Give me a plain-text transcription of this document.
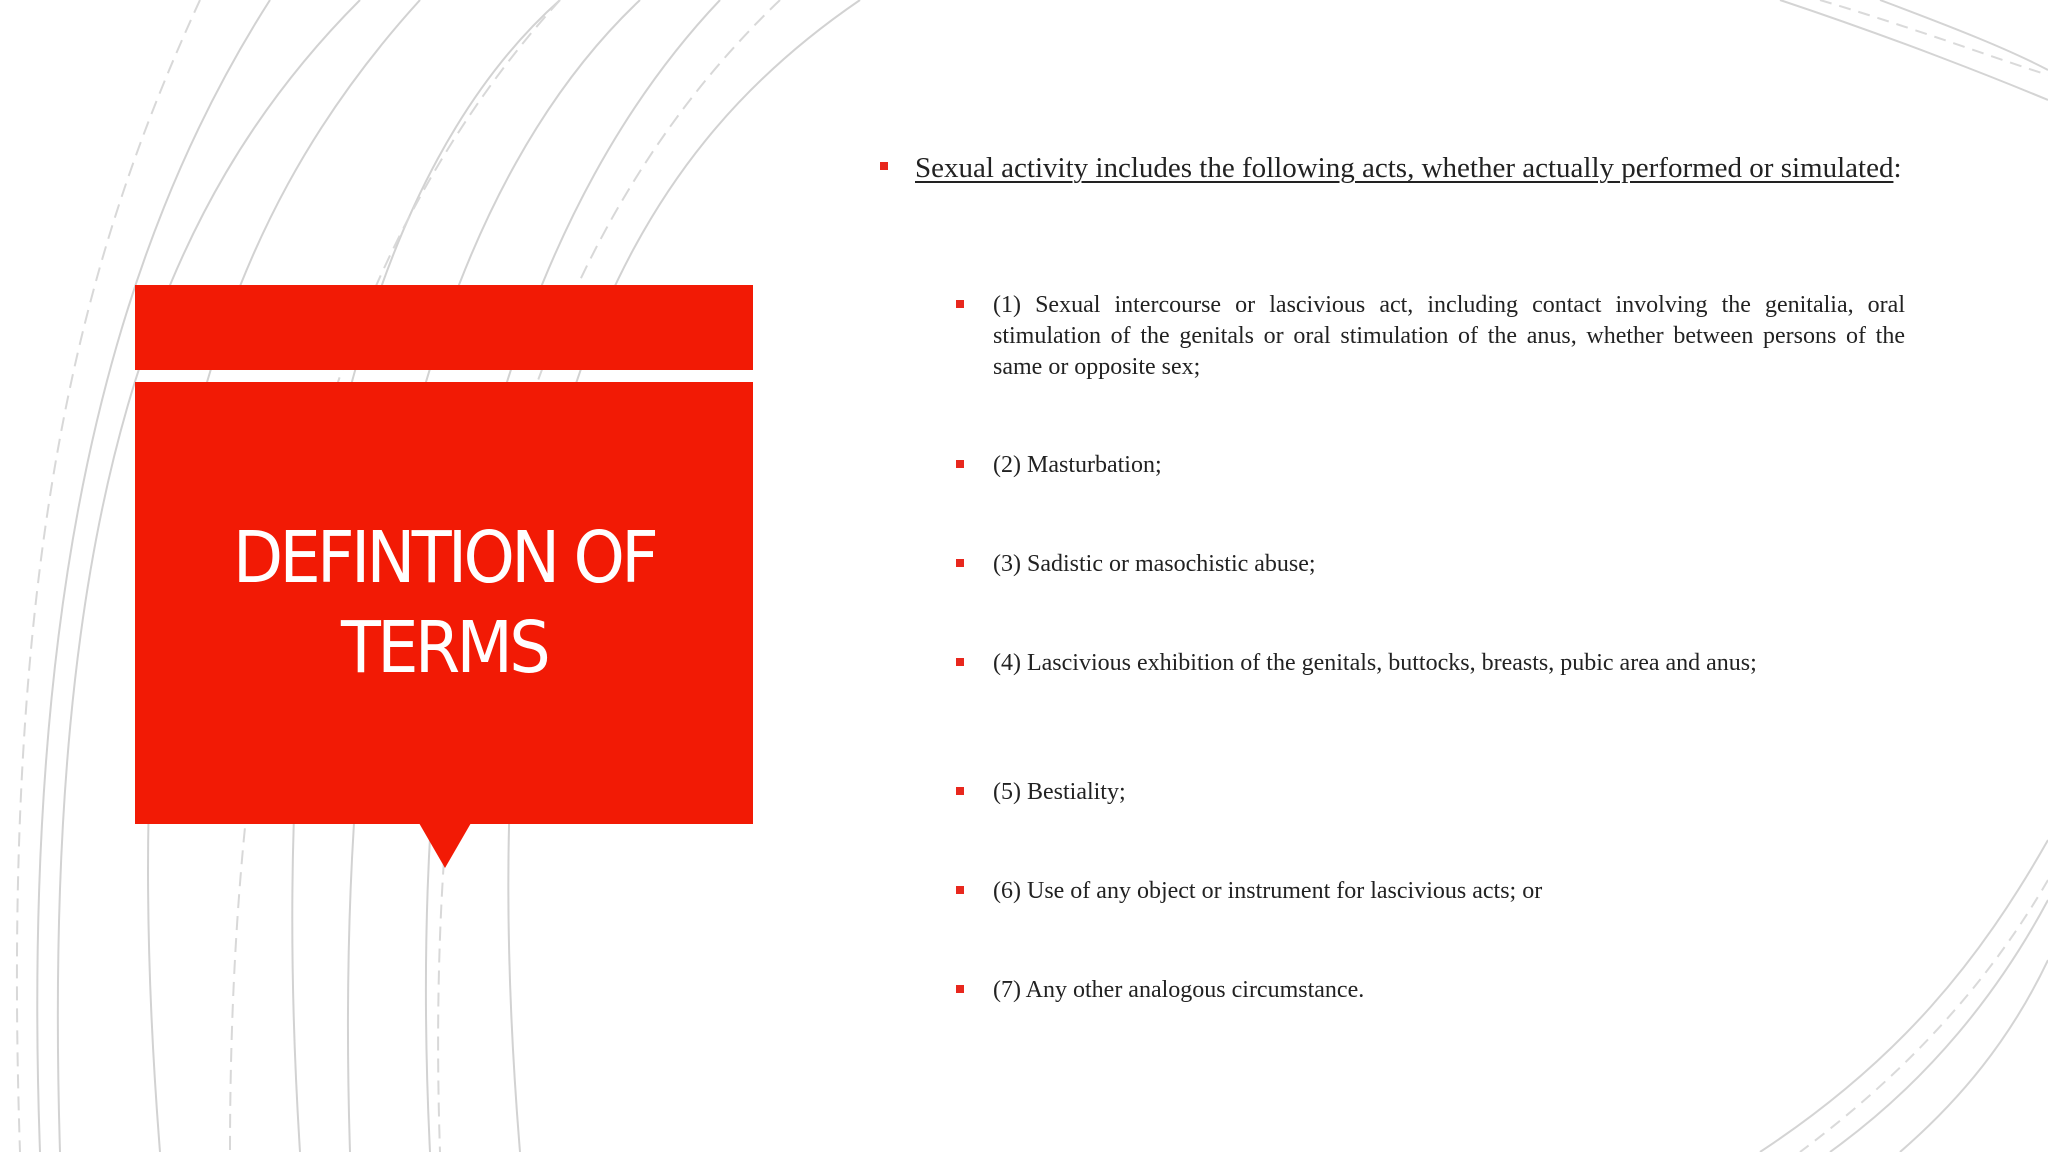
DEFINTION OF TERMS
Sexual activity includes the following acts, whether actually performed or simulated:
(1) Sexual intercourse or lascivious act, including contact involving the genitalia, oral stimulation of the genitals or oral stimulation of the anus, whether between persons of the same or opposite sex;
(2) Masturbation;
(3) Sadistic or masochistic abuse;
(4) Lascivious exhibition of the genitals, buttocks, breasts, pubic area and anus;
(5) Bestiality;
(6) Use of any object or instrument for lascivious acts; or
(7) Any other analogous circumstance.
